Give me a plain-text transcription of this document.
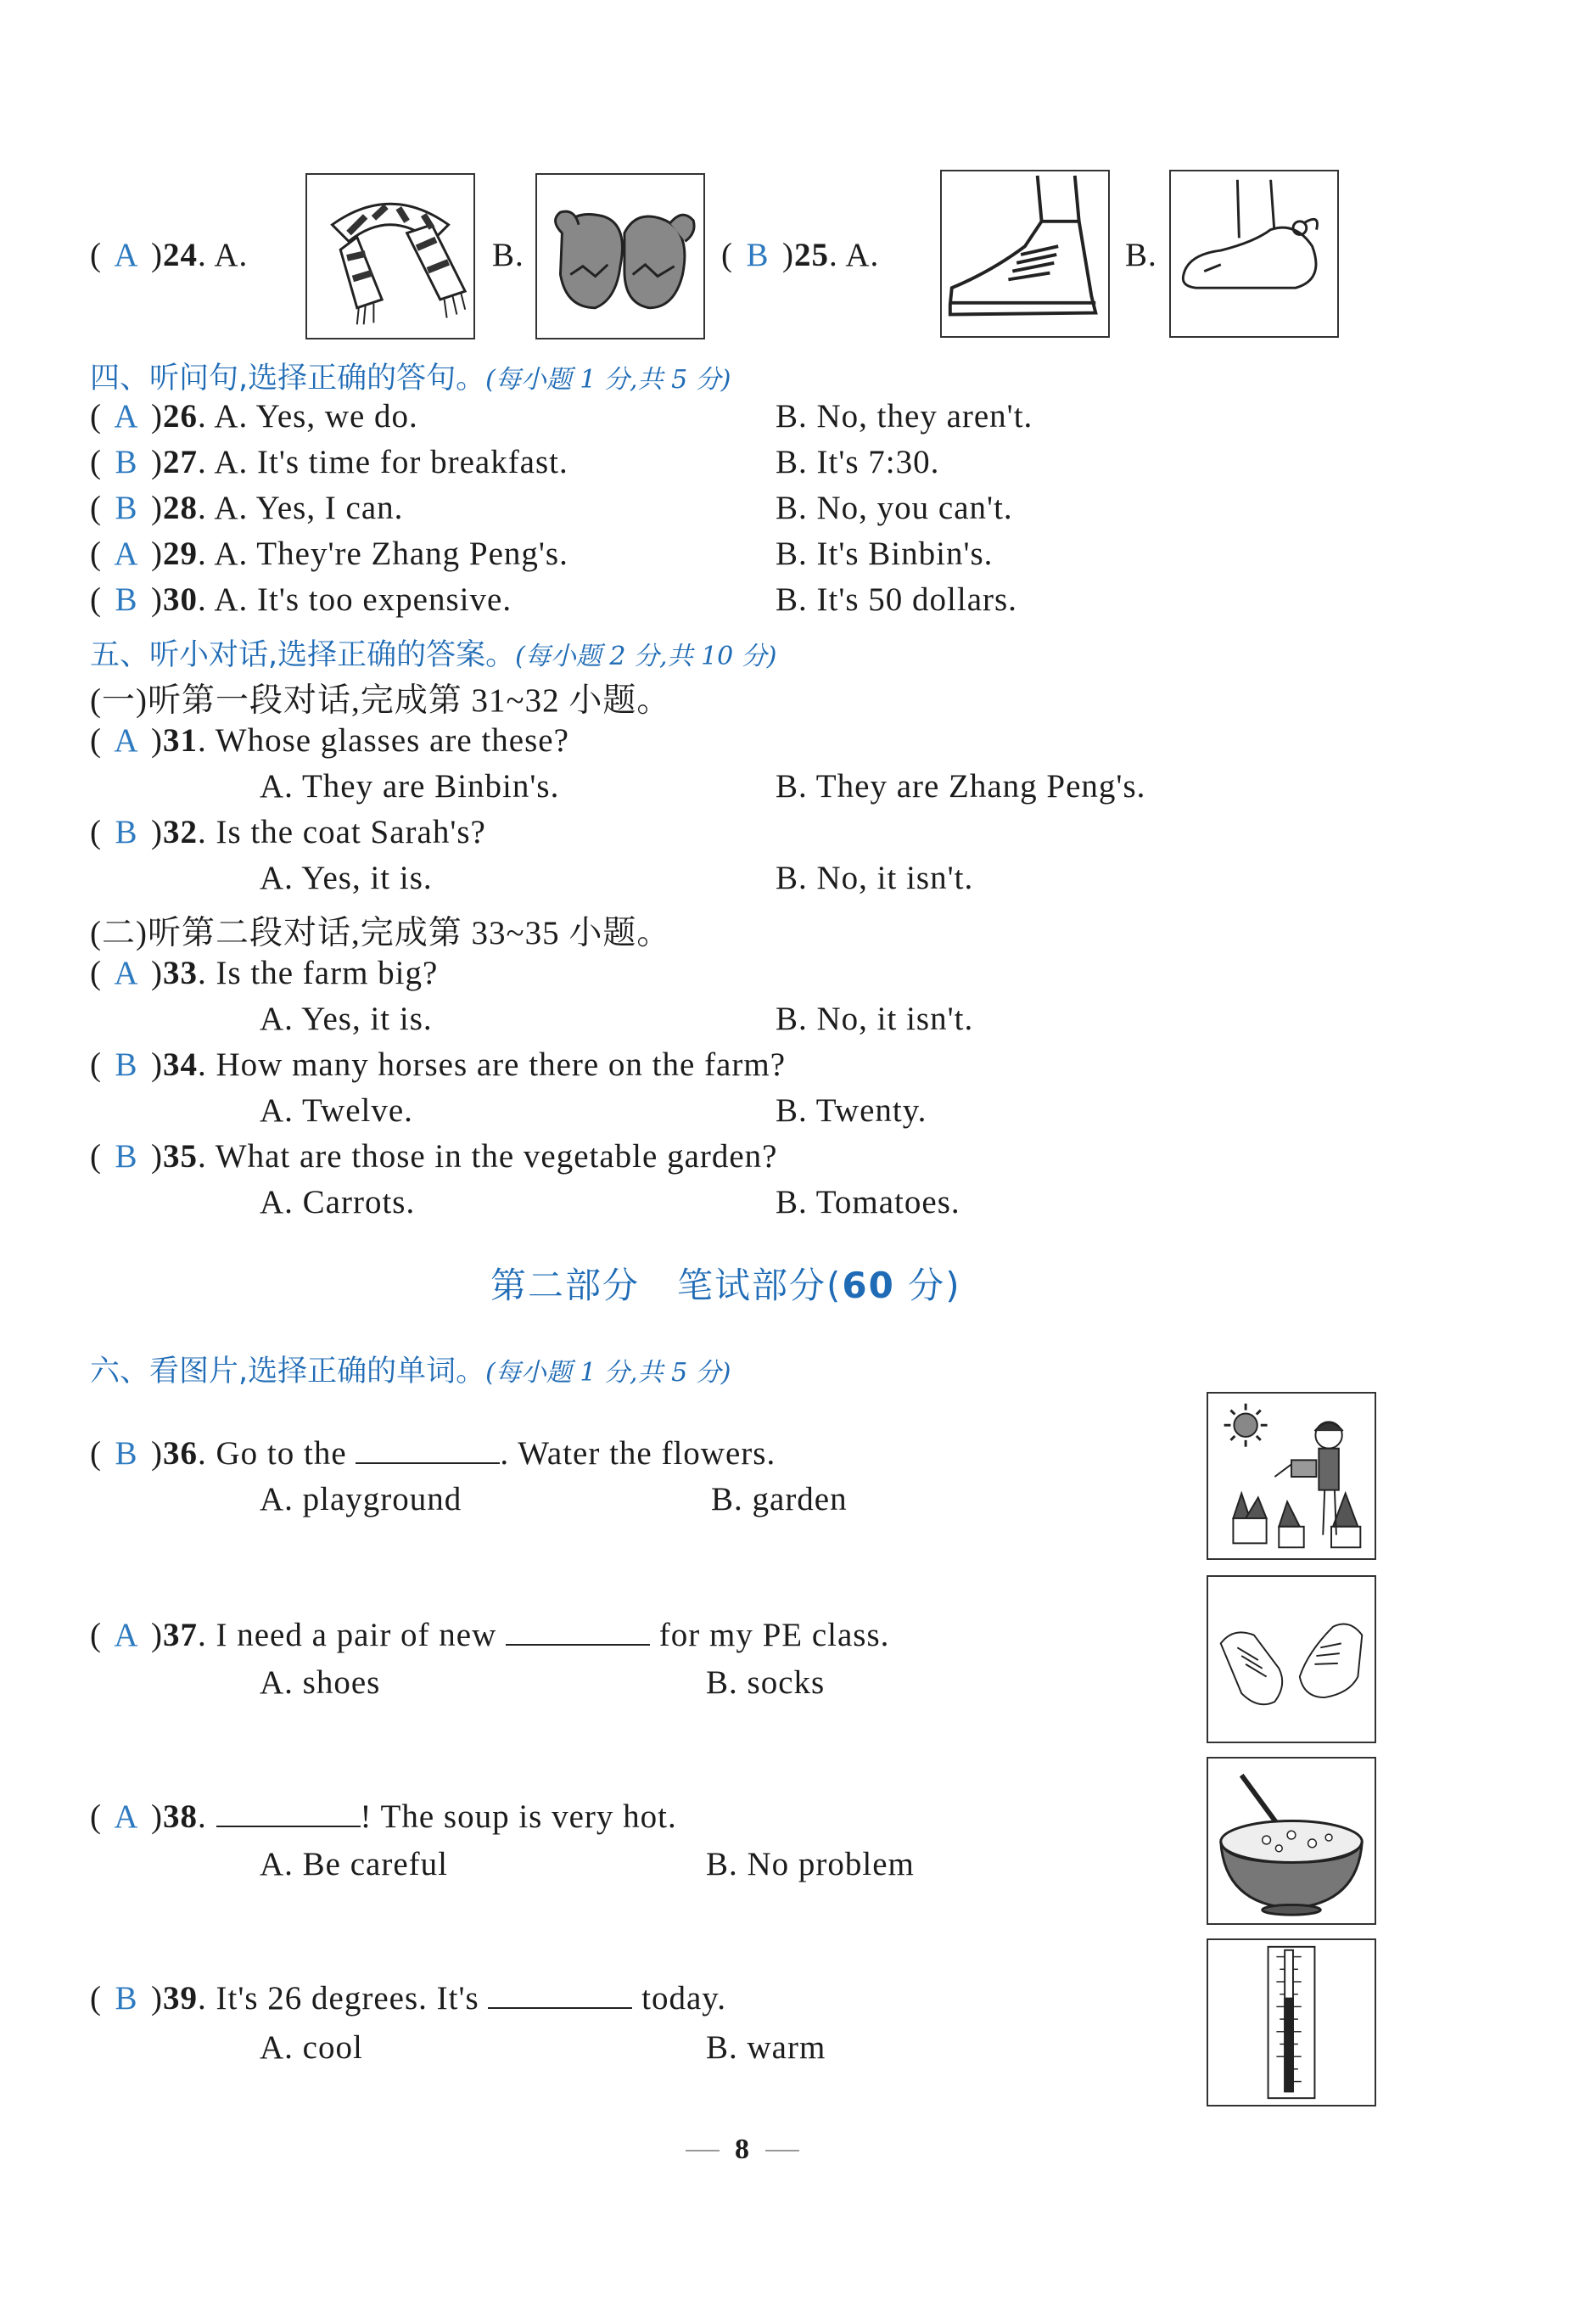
( A )24. A.	B.	( B )25. A.	B.
四、听问句,选择正确的答句。(每小题 1 分,共 5 分)
( A )26. A. Yes, we do.	B. No, they aren't.
( B )27. A. It's time for breakfast.	B. It's 7:30.
( B )28. A. Yes, I can.	B. No, you can't.
( A )29. A. They're Zhang Peng's.	B. It's Binbin's.
( B )30. A. It's too expensive.	B. It's 50 dollars.
五、听小对话,选择正确的答案。(每小题 2 分,共 10 分)
(一)听第一段对话,完成第 31~32 小题。
( A )31. Whose glasses are these?
A. They are Binbin's.	B. They are Zhang Peng's.
( B )32. Is the coat Sarah's?
A. Yes, it is.	B. No, it isn't.
(二)听第二段对话,完成第 33~35 小题。
( A )33. Is the farm big?
A. Yes, it is.	B. No, it isn't.
( B )34. How many horses are there on the farm?
A. Twelve.	B. Twenty.
( B )35. What are those in the vegetable garden?
A. Carrots.	B. Tomatoes.
第二部分　笔试部分(60 分)
六、看图片,选择正确的单词。(每小题 1 分,共 5 分)
( B )36. Go to the	. Water the flowers.
A. playground	B. garden
( A )37. I need a pair of new	for my PE class.
A. shoes	B. socks
( A )38.	! The soup is very hot.
A. Be careful	B. No problem
( B )39. It's 26 degrees. It's	today.
A. cool	B. warm
8
